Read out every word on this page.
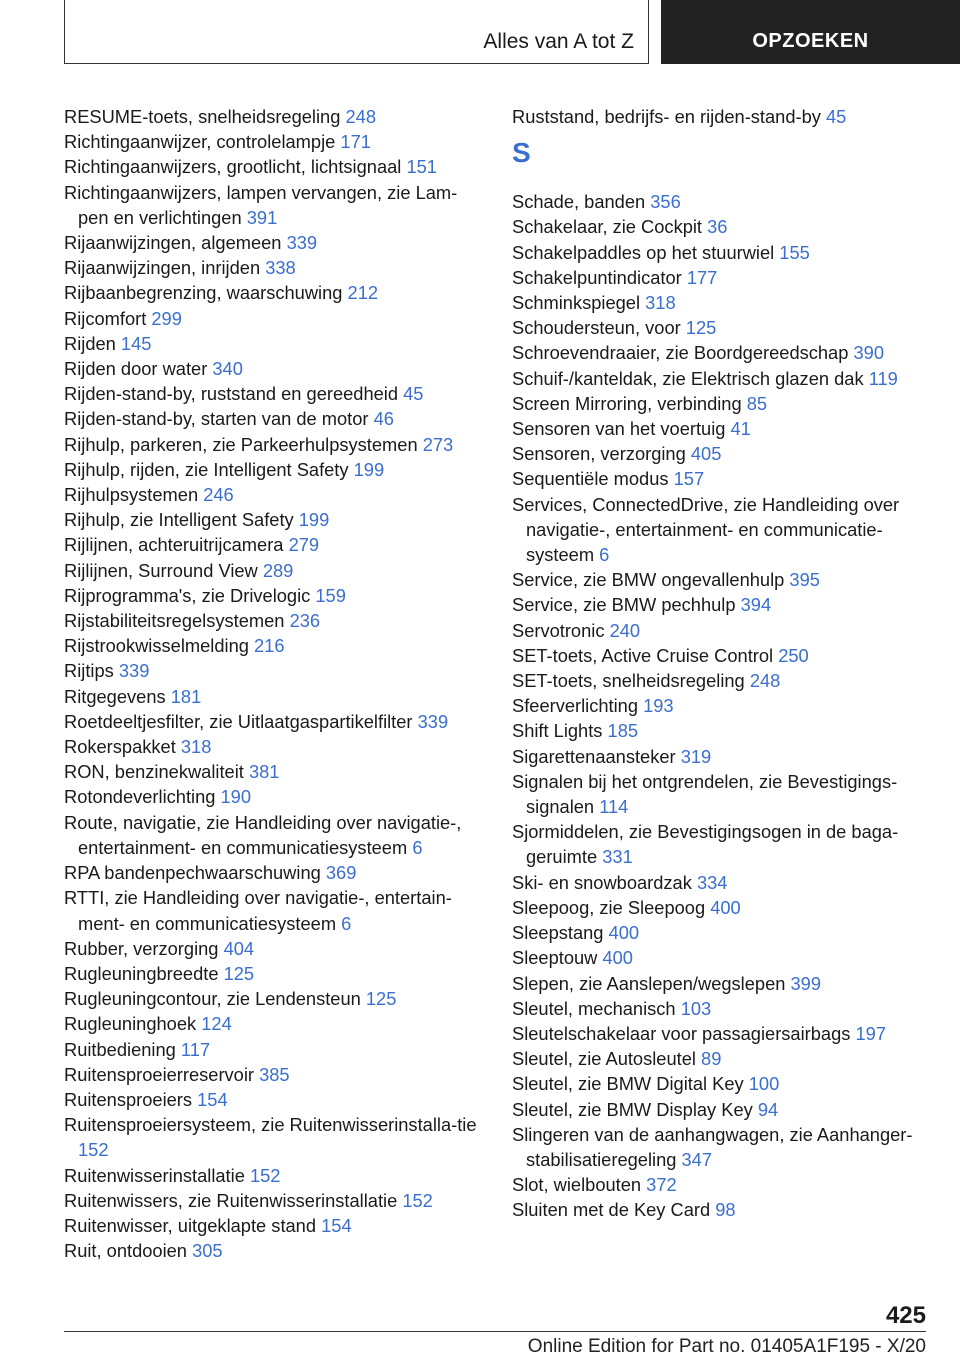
Alles van A tot Z	OPZOEKEN
RESUME-toets, snelheidsregeling 248
Richtingaanwijzer, controlelampje 171
Richtingaanwijzers, grootlicht, lichtsignaal 151
Richtingaanwijzers, lampen vervangen, zie Lam-pen en verlichtingen 391
Rijaanwijzingen, algemeen 339
Rijaanwijzingen, inrijden 338
Rijbaanbegrenzing, waarschuwing 212
Rijcomfort 299
Rijden 145
Rijden door water 340
Rijden-stand-by, ruststand en gereedheid 45
Rijden-stand-by, starten van de motor 46
Rijhulp, parkeren, zie Parkeerhulpsystemen 273
Rijhulp, rijden, zie Intelligent Safety 199
Rijhulpsystemen 246
Rijhulp, zie Intelligent Safety 199
Rijlijnen, achteruitrijcamera 279
Rijlijnen, Surround View 289
Rijprogramma's, zie Drivelogic 159
Rijstabiliteitsregelsystemen 236
Rijstrookwisselmelding 216
Rijtips 339
Ritgegevens 181
Roetdeeltjesfilter, zie Uitlaatgaspartikelfilter 339
Rokerspakket 318
RON, benzinekwaliteit 381
Rotondeverlichting 190
Route, navigatie, zie Handleiding over navigatie-, entertainment- en communicatiesysteem 6
RPA bandenpechwaarschuwing 369
RTTI, zie Handleiding over navigatie-, entertain-ment- en communicatiesysteem 6
Rubber, verzorging 404
Rugleuningbreedte 125
Rugleuningcontour, zie Lendensteun 125
Rugleuninghoek 124
Ruitbediening 117
Ruitensproeierreservoir 385
Ruitensproeiers 154
Ruitensproeiersysteem, zie Ruitenwisserinstalla-tie 152
Ruitenwisserinstallatie 152
Ruitenwissers, zie Ruitenwisserinstallatie 152
Ruitenwisser, uitgeklapte stand 154
Ruit, ontdooien 305
Ruststand, bedrijfs- en rijden-stand-by 45
S
Schade, banden 356
Schakelaar, zie Cockpit 36
Schakelpaddles op het stuurwiel 155
Schakelpuntindicator 177
Schminkspiegel 318
Schoudersteun, voor 125
Schroevendraaier, zie Boordgereedschap 390
Schuif-/kanteldak, zie Elektrisch glazen dak 119
Screen Mirroring, verbinding 85
Sensoren van het voertuig 41
Sensoren, verzorging 405
Sequentiële modus 157
Services, ConnectedDrive, zie Handleiding over navigatie-, entertainment- en communicatie-systeem 6
Service, zie BMW ongevallenhulp 395
Service, zie BMW pechhulp 394
Servotronic 240
SET-toets, Active Cruise Control 250
SET-toets, snelheidsregeling 248
Sfeerverlichting 193
Shift Lights 185
Sigarettenaansteker 319
Signalen bij het ontgrendelen, zie Bevestigings-signalen 114
Sjormiddelen, zie Bevestigingsogen in de baga-geruimte 331
Ski- en snowboardzak 334
Sleepoog, zie Sleepoog 400
Sleepstang 400
Sleeptouw 400
Slepen, zie Aanslepen/wegslepen 399
Sleutel, mechanisch 103
Sleutelschakelaar voor passagiersairbags 197
Sleutel, zie Autosleutel 89
Sleutel, zie BMW Digital Key 100
Sleutel, zie BMW Display Key 94
Slingeren van de aanhangwagen, zie Aanhanger-stabilisatieregeling 347
Slot, wielbouten 372
Sluiten met de Key Card 98
425
Online Edition for Part no. 01405A1F195 - X/20
